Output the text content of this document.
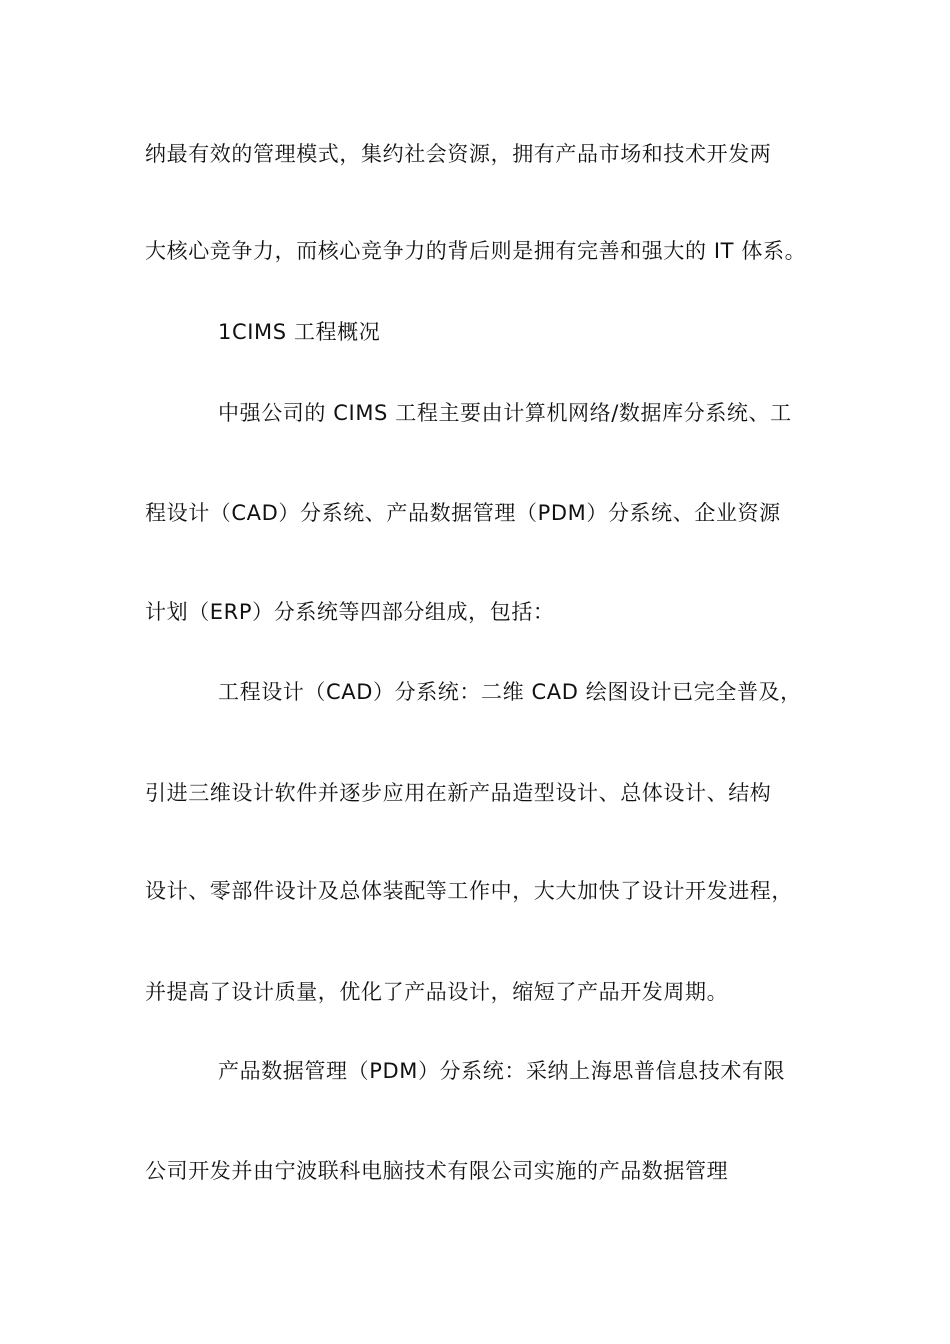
纳最有效的管理模式，集约社会资源，拥有产品市场和技术开发两
大核心竞争力，而核心竞争力的背后则是拥有完善和强大的 IT 体系。
1CIMS 工程概况
中强公司的 CIMS 工程主要由计算机网络/数据库分系统、工
程设计（CAD）分系统、产品数据管理（PDM）分系统、企业资源
计划（ERP）分系统等四部分组成，包括：
工程设计（CAD）分系统：二维 CAD 绘图设计已完全普及，
引进三维设计软件并逐步应用在新产品造型设计、总体设计、结构
设计、零部件设计及总体装配等工作中，大大加快了设计开发进程，
并提高了设计质量，优化了产品设计，缩短了产品开发周期。
产品数据管理（PDM）分系统：采纳上海思普信息技术有限
公司开发并由宁波联科电脑技术有限公司实施的产品数据管理
